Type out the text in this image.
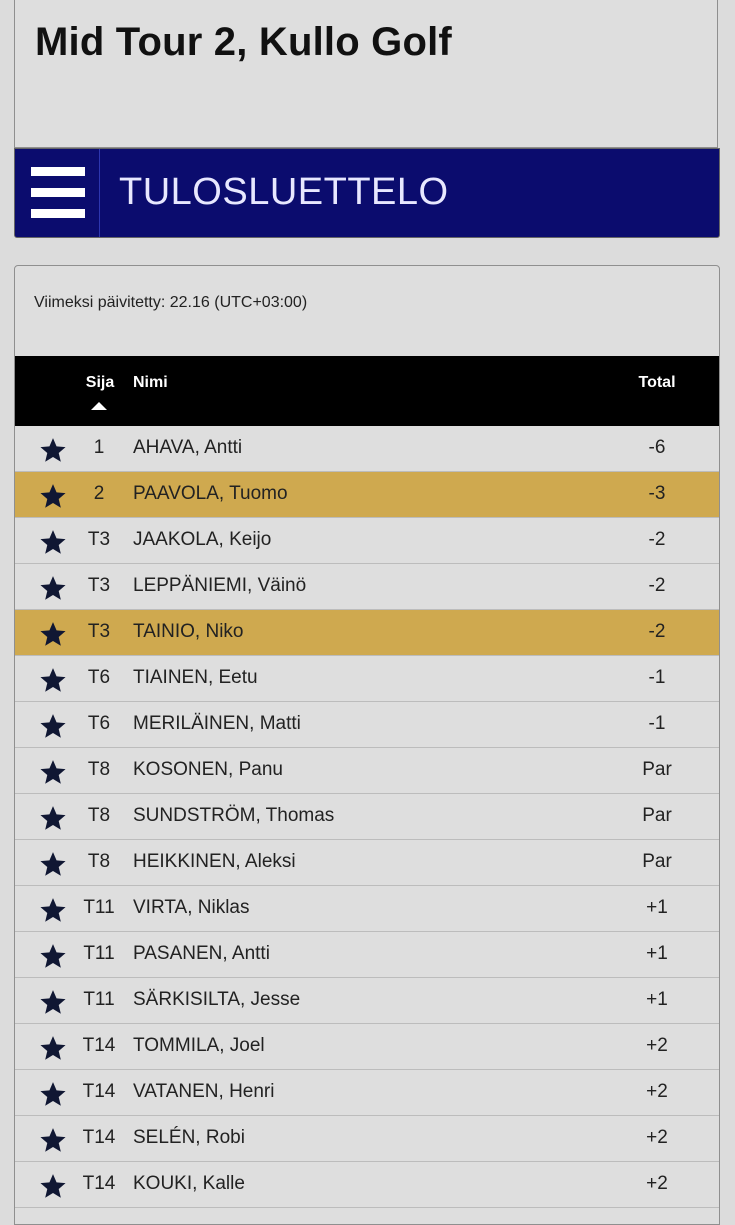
Mid Tour 2, Kullo Golf
TULOSLUETTELO
Viimeksi päivitetty: 22.16 (UTC+03:00)
Sija Nimi	Total
1	AHAVA, Antti	-6
2	PAAVOLA, Tuomo	-3
T3	JAAKOLA, Keijo	-2
T3	LEPPÄNIEMI, Väinö	-2
T3	TAINIO, Niko	-2
T6	TIAINEN, Eetu	-1
T6	MERILÄINEN, Matti	-1
T8	KOSONEN, Panu	Par
T8	SUNDSTRÖM, Thomas	Par
T8	HEIKKINEN, Aleksi	Par
T11 VIRTA, Niklas	+1
T11 PASANEN, Antti	+1
T11 SÄRKISILTA, Jesse	+1
T14 TOMMILA, Joel	+2
T14 VATANEN, Henri	+2
T14 SELÉN, Robi	+2
T14 KOUKI, Kalle	+2
